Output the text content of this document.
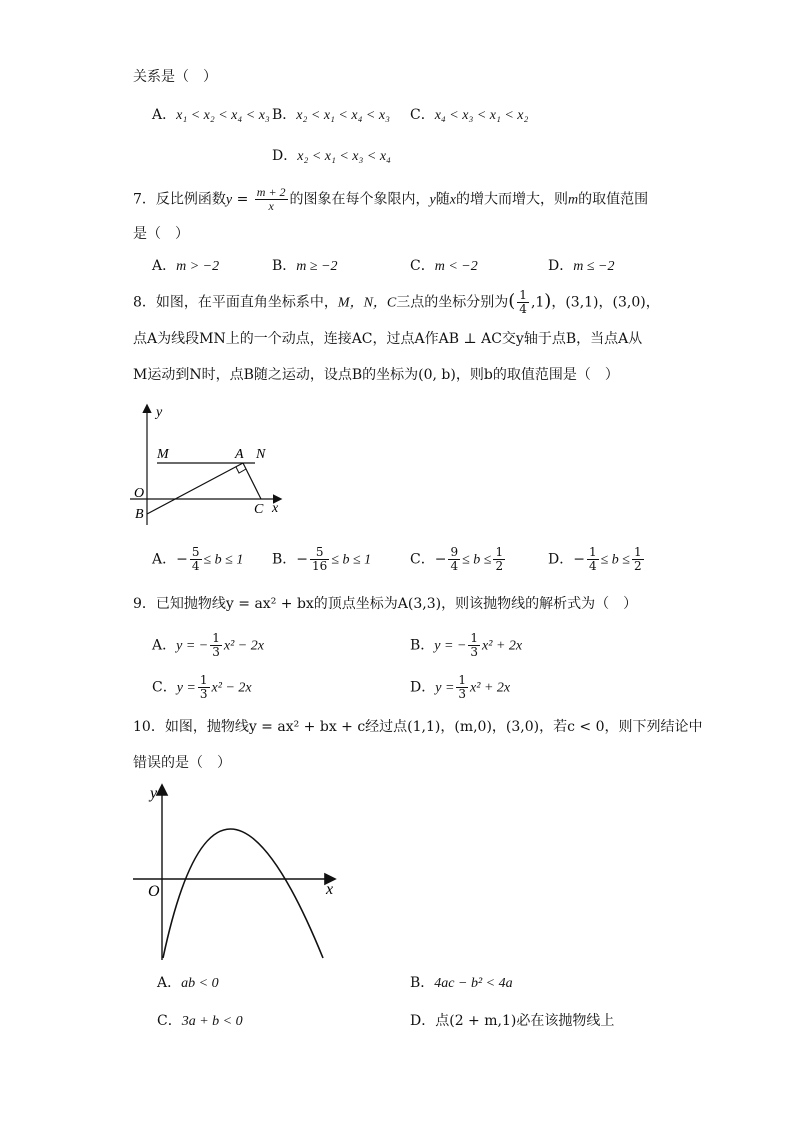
关系是（　）
A．x₁ < x₂ < x₄ < x₃ B．x₂ < x₁ < x₄ < x₃ C．x₄ < x₃ < x₁ < x₂
D．x₂ < x₁ < x₃ < x₄
7．反比例函数$y = \frac{m + 2}{x}$ 的图象在每个象限内，y随x的增大而增大，则m的取值范围
是（　）
A．m > −2	B．m ≥ −2	C．m < −2	D．m ≤ −2
8．如图，在平面直角坐标系中，M，N，C三点的坐标分别为( $\frac{1}{4} ,1$)，(3,1)，(3,0)，
点A为线段MN上的一个动点，连接AC，过点A作AB ⊥ AC交y轴于点B，当点A从
M运动到N时，点B随之运动，设点B的坐标为(0, b)，则b的取值范围是（　）
y
x
O
B	C
M	A N
A．− $\frac{5}{4} \le b \le 1$ B．− $\frac{5}{16} \le b \le 1$	C．− $\frac{9}{4} \le b \le \frac{1}{2}$	D．− $\frac{1}{4} \le b \le \frac{1}{2}$
9．已知抛物线y = ax² + bx的顶点坐标为A(3,3)，则该抛物线的解析式为（　）
A．y = − $\frac{1}{3} x^2 - 2x$	B．y = − $\frac{1}{3} x^2 + 2x$
C．$y = \frac{1}{3} x^2 - 2x$	D．$y = \frac{1}{3} x^2 + 2x$
10．如图，抛物线y = ax² + bx + c经过点(1,1)，(m,0)，(3,0)，若c < 0，则下列结论中
错误的是（　）
y
x
O
A．ab < 0	B．4ac − b² < 4a
C．3a + b < 0	D．点(2 + m,1)必在该抛物线上
